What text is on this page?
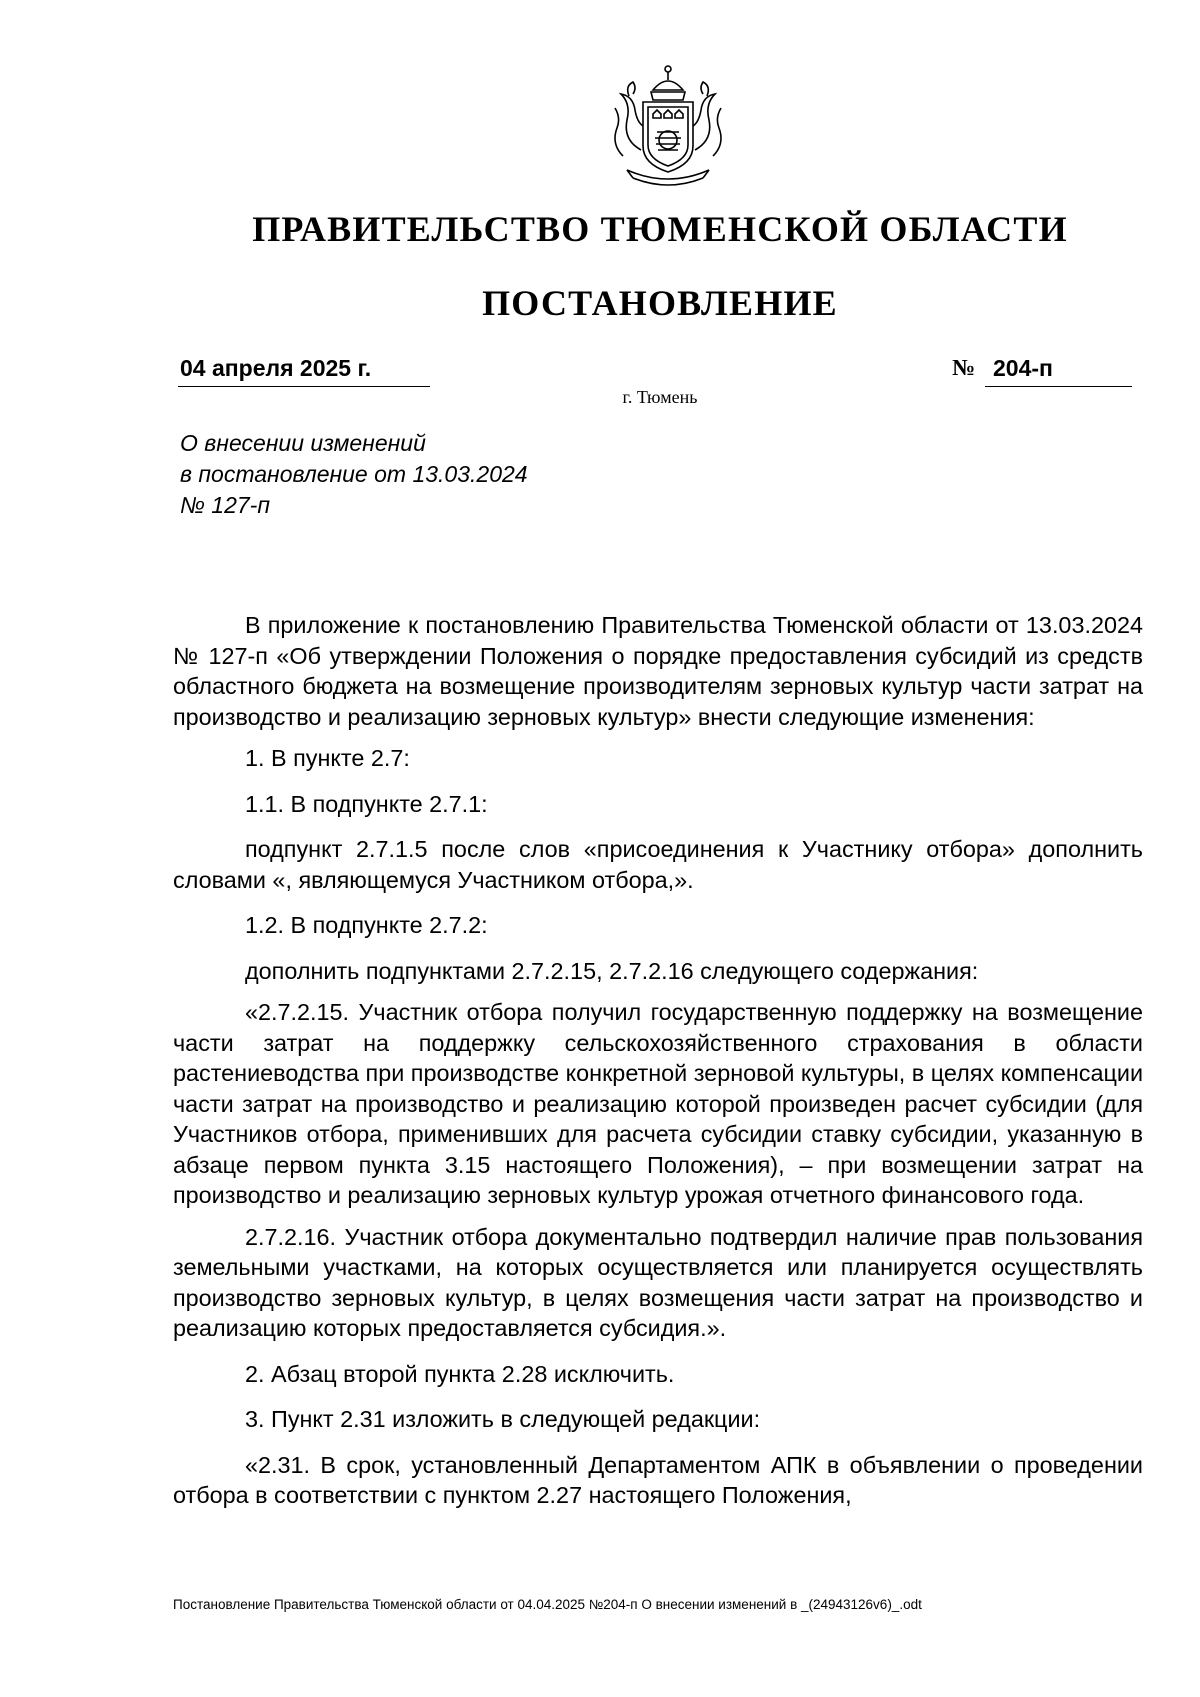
ПРАВИТЕЛЬСТВО ТЮМЕНСКОЙ ОБЛАСТИ
ПОСТАНОВЛЕНИЕ
04 апреля 2025 г.	№ 204-п
г. Тюмень
О внесении изменений
в постановление от 13.03.2024
№ 127-п

В приложение к постановлению Правительства Тюменской области от 13.03.2024 № 127-п «Об утверждении Положения о порядке предоставления субсидий из средств областного бюджета на возмещение производителям зерновых культур части затрат на производство и реализацию зерновых культур» внести следующие изменения:

1. В пункте 2.7:

1.1. В подпункте 2.7.1:

подпункт 2.7.1.5 после слов «присоединения к Участнику отбора» дополнить словами «, являющемуся Участником отбора,».

1.2. В подпункте 2.7.2:

дополнить подпунктами 2.7.2.15, 2.7.2.16 следующего содержания:

«2.7.2.15. Участник отбора получил государственную поддержку на возмещение части затрат на поддержку сельскохозяйственного страхования в области растениеводства при производстве конкретной зерновой культуры, в целях компенсации части затрат на производство и реализацию которой произведен расчет субсидии (для Участников отбора, применивших для расчета субсидии ставку субсидии, указанную в абзаце первом пункта 3.15 настоящего Положения), – при возмещении затрат на производство и реализацию зерновых культур урожая отчетного финансового года.

2.7.2.16. Участник отбора документально подтвердил наличие прав пользования земельными участками, на которых осуществляется или планируется осуществлять производство зерновых культур, в целях возмещения части затрат на производство и реализацию которых предоставляется субсидия.».

2. Абзац второй пункта 2.28 исключить.

3. Пункт 2.31 изложить в следующей редакции:

«2.31. В срок, установленный Департаментом АПК в объявлении о проведении отбора в соответствии с пунктом 2.27 настоящего Положения,

Постановление Правительства Тюменской области от 04.04.2025 №204-п О внесении изменений в _(24943126v6)_.odt
